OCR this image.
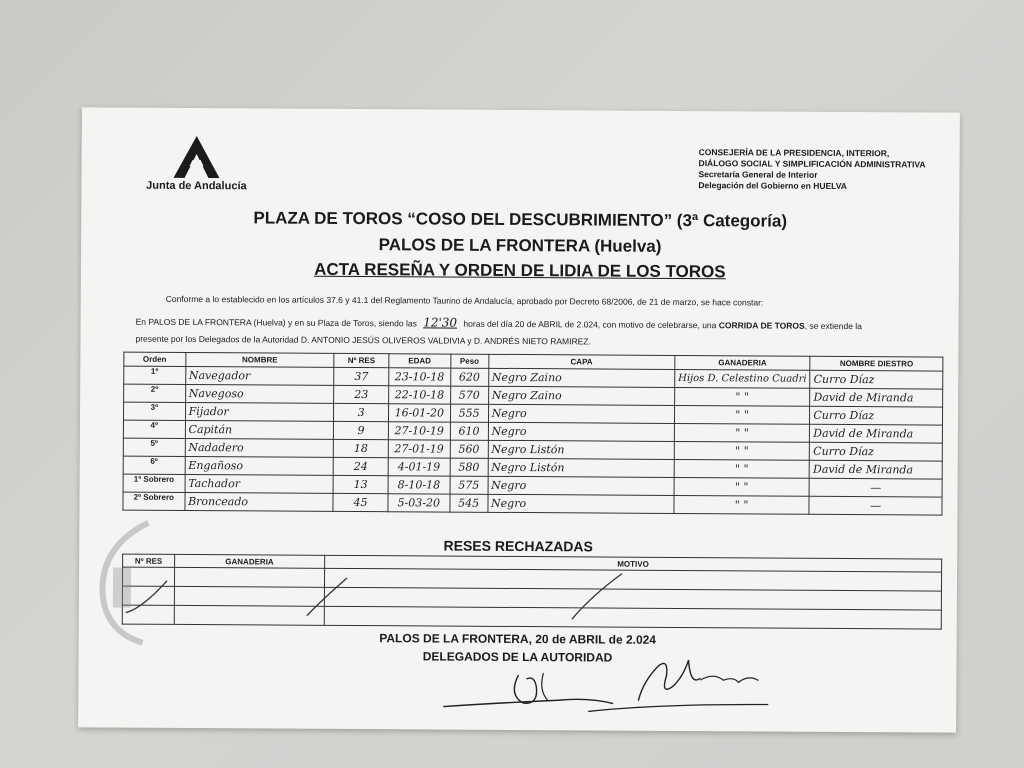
Junta de Andalucía
CONSEJERÍA DE LA PRESIDENCIA, INTERIOR,
DIÁLOGO SOCIAL Y SIMPLIFICACIÓN ADMINISTRATIVA
Secretaría General de Interior
Delegación del Gobierno en HUELVA
PLAZA DE TOROS “COSO DEL DESCUBRIMIENTO” (3ª Categoría)
PALOS DE LA FRONTERA (Huelva)
ACTA RESEÑA Y ORDEN DE LIDIA DE LOS TOROS
Conforme a lo establecido en los artículos 37.6 y 41.1 del Reglamento Taurino de Andalucía, aprobado por Decreto 68/2006, de 21 de marzo, se hace constar:
En PALOS DE LA FRONTERA (Huelva) y en su Plaza de Toros, siendo las 12'30 horas del día 20 de ABRIL de 2.024, con motivo de celebrarse, una CORRIDA DE TOROS, se extiende la
presente por los Delegados de la Autoridad D. ANTONIO JESÚS OLIVEROS VALDIVIA y D. ANDRÉS NIETO RAMIREZ.
Orden	NOMBRE	Nº RES	EDAD	Peso	CAPA	GANADERIA	NOMBRE DIESTRO
1º	Navegador	37	23-10-18	620	Negro Zaino	Hijos D. Celestino Cuadri	Curro Díaz
2º	Navegoso	23	22-10-18	570	Negro Zaino	" "	David de Miranda
3º	Fijador	3	16-01-20	555	Negro	" "	Curro Díaz
4º	Capitán	9	27-10-19	610	Negro	" "	David de Miranda
5º	Nadadero	18	27-01-19	560	Negro Listón	" "	Curro Díaz
6º	Engañoso	24	4-01-19	580	Negro Listón	" "	David de Miranda
1º Sobrero	Tachador	13	8-10-18	575	Negro	" "	—
2º Sobrero	Bronceado	45	5-03-20	545	Negro	" "	—
RESES RECHAZADAS
Nº RES	GANADERIA	MOTIVO

PALOS DE LA FRONTERA, 20 de ABRIL de 2.024
DELEGADOS DE LA AUTORIDAD
